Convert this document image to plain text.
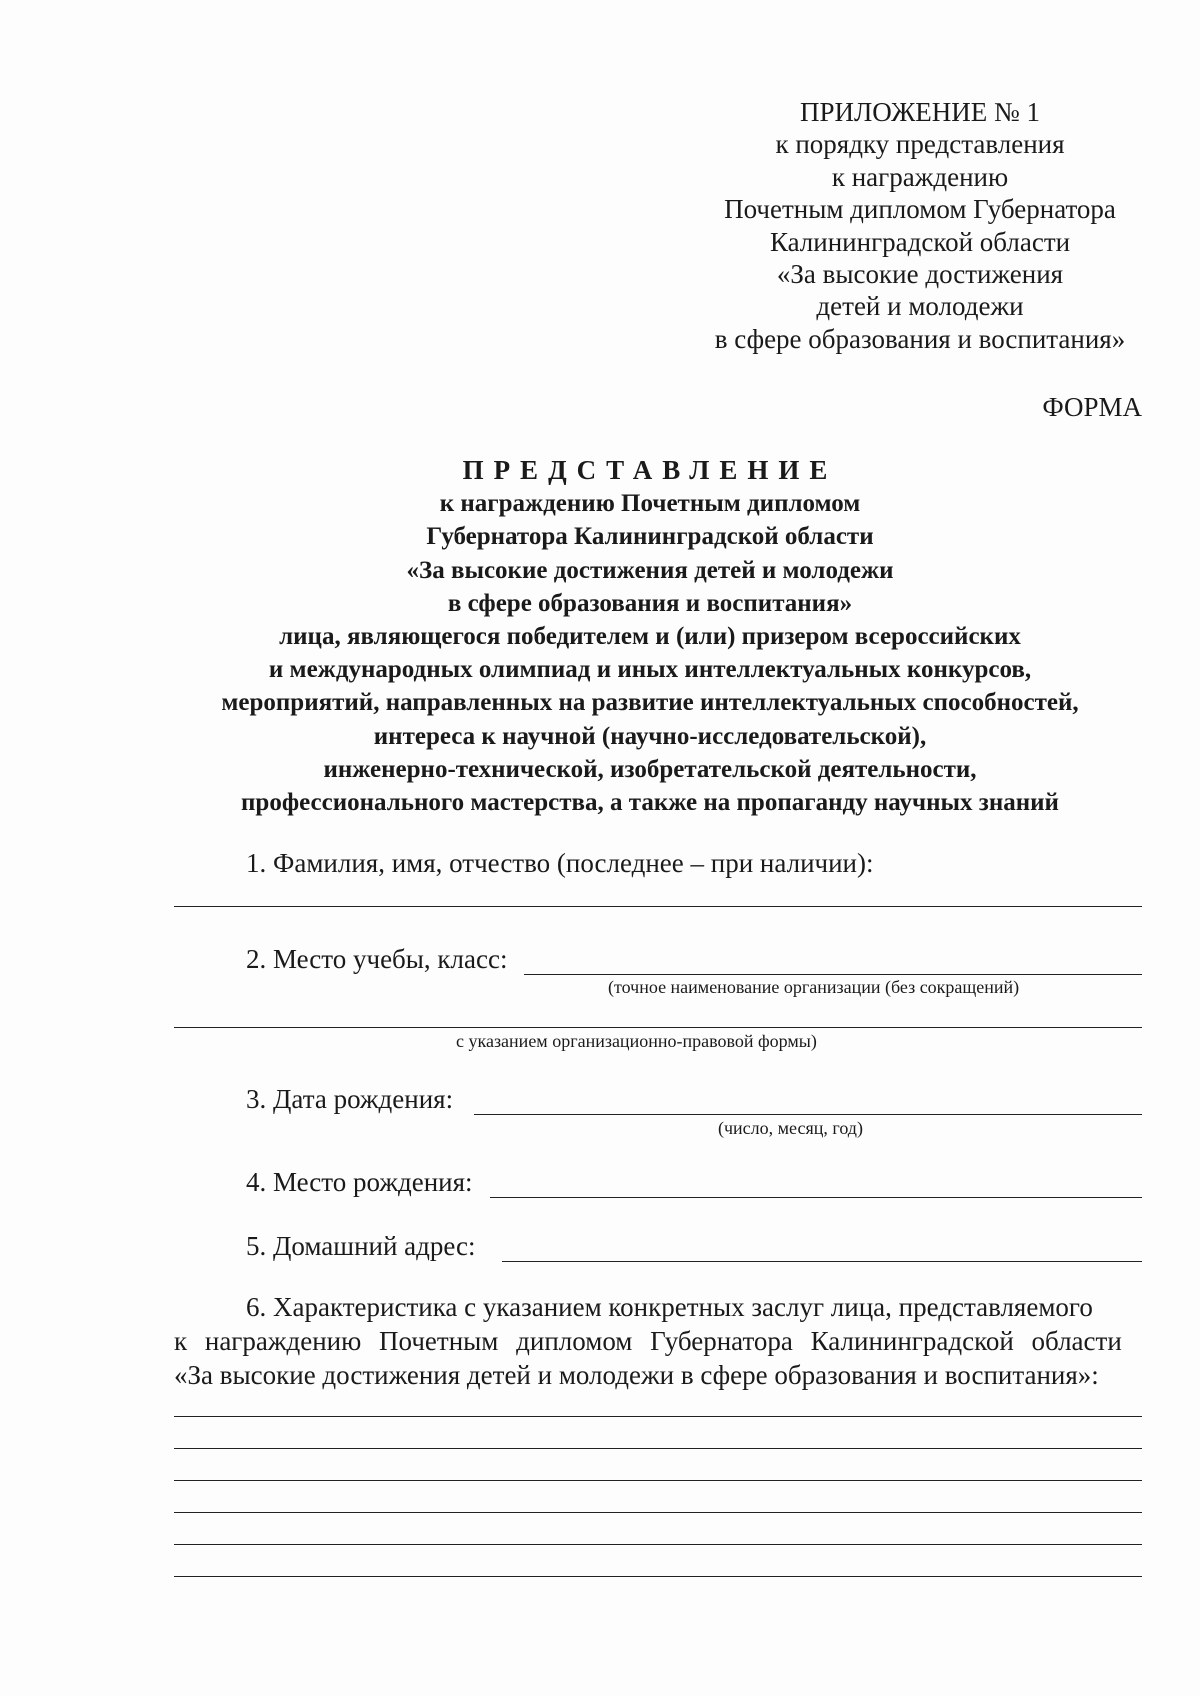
ПРИЛОЖЕНИЕ № 1
к порядку представления
к награждению
Почетным дипломом Губернатора
Калининградской области
«За высокие достижения
детей и молодежи
в сфере образования и воспитания»
ФОРМА
ПРЕДСТАВЛЕНИЕ
к награждению Почетным дипломом
Губернатора Калининградской области
«За высокие достижения детей и молодежи
в сфере образования и воспитания»
лица, являющегося победителем и (или) призером всероссийских
и международных олимпиад и иных интеллектуальных конкурсов,
мероприятий, направленных на развитие интеллектуальных способностей,
интереса к научной (научно-исследовательской),
инженерно-технической, изобретательской деятельности,
профессионального мастерства, а также на пропаганду научных знаний
1. Фамилия, имя, отчество (последнее – при наличии):
2. Место учебы, класс:
(точное наименование организации (без сокращений)
с указанием организационно-правовой формы)
3. Дата рождения:
(число, месяц, год)
4. Место рождения:
5. Домашний адрес:
6. Характеристика с указанием конкретных заслуг лица, представляемого
к награждению Почетным дипломом Губернатора Калининградской области
«За высокие достижения детей и молодежи в сфере образования и воспитания»:
